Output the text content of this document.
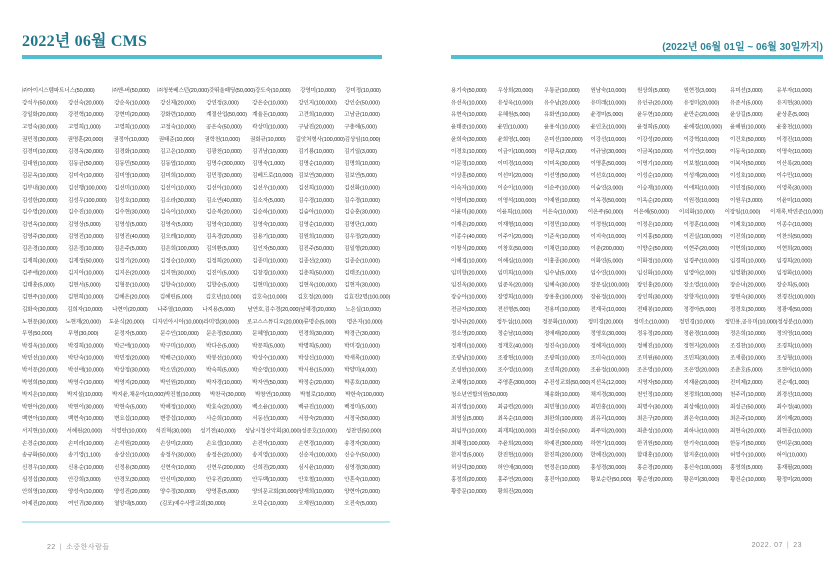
2022년 06월 CMS	(2022년 06월 01일 ~ 06월 30일까지)
㈜아이시스템파트너스(50,000)	㈜앤-버(50,000) ㈜청북베스턴(20,000) 갓뛰울패딩(50,000) 강도숙(10,000)	강영미(10,000)	강미정(10,000)
강석우(50,000)	강선숙(20,000)	강순옥(10,000)	강신제(20,000)	강연정(3,000)	강은순(10,000)	강인지(100,000) 강인순(50,000)
강일화(20,000)	강전혁(10,000)	강현미(20,000)	강화련(10,000)	계절산업(50,000) 계율돈(10,000)	고견희(10,000)	고남균(10,000)
고영숙(30,000)	고영희(1,000)	고영희(10,000)	고정숙(10,000)	공은숙(50,000)	곽상미(10,000)	구남진(20,000)	구충해(5,000)
권민정(30,000)	권명훈(20,000)	권정아(10,000)	권태준(10,000)	권학천(10,000)	권회규(10,000)	길앗처형사(100,000) 김상임(10,000)
김경미(10,000)	김경옥(30,000)	김경화(10,000)	김고은(10,000)	김광천(10,000)	김귀남(10,000)	김기룡(10,000)	김기일(3,000)
김대원(10,000)	김동균(50,000)	김동민(50,000)	김동엽(10,000)	김명수(300,000) 김명숙(1,000)	김명순(10,000)	김명희(10,000)
김문옥(10,000)	김미숙(10,000)	김미영(10,000)	김미희(10,000)	김민정(30,000)	김베드로(10,000) 김보연(30,000)	김보연(5,000)
김부내(30,000)	김선행(100,000) 김선미(10,000)	김선이(10,000)	김선아(10,000)	김선우(10,000)	김선희(10,000)	김선화(10,000)
김성한(20,000)	김성우(100,000) 김성호(10,000)	김소라(30,000)	김소연(40,000)	김소자(5,000)	김수경(10,000)	김수경(10,000)
김수영(20,000)	김수진(10,000)	김수현(30,000)	김숙이(10,000)	김순복(20,000)	김순하(10,000)	김슬아(10,000)	김승훈(30,000)
김연옥(10,000)	김영상(5,000)	김영성(5,000)	김영숙(5,000)	김영숙(10,000)	김영숙(10,000)	김영순(10,000)	김영단(1,000)
김영주(30,000)	김영진(10,000)	김영진(40,000)	김오례(10,000)	김옥경(20,000)	김용기(10,000)	김원희(10,000)	김우정(20,000)
김은경(10,000)	김은정(10,000)	김은주(5,000)	김은희(100,000) 김의환(5,000)	김인자(50,000)	김진주(50,000)	김일형(20,000)
김재희(30,000)	김재정(50,000)	김정기(20,000)	김정순(10,000)	김정희(20,000)	김종미(10,000)	김종선(2,000)	김종순(10,000)
김주애(20,000)	김지아(10,000)	김지은(20,000)	김지현(30,000)	김진이(5,000)	김창경(10,000)	김춘희(50,000)	김태조(10,000)
김태훈(5,000)	김현서(5,000)	김형문(10,000)	김향숙(10,000)	김향순(5,000)	김현미(10,000)	김현옥(100,000) 김현자(30,000)
김현주(10,000)	김현희(10,000)	김혜은(20,000)	김혜린(5,000)	김호년(10,000)	김호숙(10,000)	김호정(20,000)	김효진2명(100,000)
김화숙(30,000)	김희자(10,000)	나현이(20,000)	나주열(10,000)	나지용(5,000)	남연호,김수경(20,000) 남혜경(20,000)	노은실(10,000)
노현문(30,000) 노현재(20,000) 도운식(20,000) 디자인아시아(10,000) 라미영(30,000) 로고스스튜디오(20,000) 류명순(5,000)	명은자(10,000)
무명(50,000)	무명(30,000)	문정자(5,000)	문수인(100,000) 문은정(50,000)	문혜영(10,000)	민경희(30,000)	박경근(30,000)
박경옥(10,000)	박경희(10,000)	박근애(10,000)	박구미(10,000)	박다은(5,000)	박문희(5,000)	박명희(5,000)	박미경(10,000)
박민선(10,000)	박단숙(10,000)	박민정(20,000)	박배근(10,000)	박봉선(10,000)	박상수(10,000)	박상신(10,000)	박새록(10,000)
박서문(20,000)	박선애(10,000)	박상정(30,000)	박소연(20,000)	박숙희(5,000)	박순영(10,000)	박시용(15,000)	박양미(4,000)
박영희(50,000)	박영수(10,000)	박영지(20,000)	박인원(20,000)	박자경(10,000)	박자연(50,000)	박정순(20,000)	박종호(10,000)
박지은(10,000)	박지설(10,000)	박지윤,채운아(10,000) 박진철(10,000)	박찬국(30,000)	박창연(10,000)	박철로(10,000)	박한숙(100,000)
박현아(20,000)	박현이(30,000)	박현숙(5,000)	박혜정(10,000)	박효숙(20,000)	백소윤(10,000)	백규진(10,000)	백정미(5,000)
백현아(10,000)	백현숙(10,000)	변요섭(10,000)	변중섭(10,000)	사순희(10,000)	서동선(10,000)	서장숙(20,000)	서정국(50,000)
서지현(10,000) 서혜원(20,000) 석영란(10,000) 석진혁(30,000) 성기전(40,000) 성남시청산악회(30,000) 성준호(10,000) 성찬연(50,000)
손경순(30,000)	손미라(10,000)	손석원(20,000)	손상미(2,000)	손요셉(10,000)	손진아(10,000)	손현경(10,000)	송경자(30,000)
송규화(50,000)	송기영(1,100)	송상신(10,000)	송정우(30,000)	송정은(20,000)	송지영(10,000)	신순자(100,000) 신승우(50,000)
신경우(10,000)	신용순(10,000)	신정용(30,000)	신현숙(10,000)	신현우(200,000) 신희진(20,000)	심시윤(10,000)	심영경(30,000)
심정섭(30,000)	안강희(3,000)	안경모(30,000)	안신미(30,000)	안유진(20,000)	안두백(10,000)	안호철(10,000)	안혼숙(10,000)
안희영(10,000)	양성숙(10,000)	양성진(20,000)	양수정(30,000)	양영훈(5,000)	양의문교회(30,000) 양재희(10,000)	양현아(20,000)
어예진(20,000)	여인귀(30,000)	열앙대(5,000)	(김포)예수사랑교회(30,000)	오덕순(10,000)	오재원(10,000)	오진숙(5,000)
용기숙(50,000)	우상희(20,000)	우통균(10,000)	원남숙(10,000)	원상희(5,000)	원현정(3,000)	유미선(3,000)	유부자(10,000)
유선옥(10,000)	유성욱(10,000)	유수남(20,000)	유미래(10,000)	유인규(20,000)	유정미(20,000)	유준서(5,000)	유지현(30,000)
유현숙(10,000)	유혜원(5,000)	유화연(10,000)	윤경미(5,000)	윤두현(10,000)	윤만순(20,000)	윤상길(5,000)	윤상훈(5,000)
윤태준(10,000)	윤민(10,000)	윤용석(10,000)	윤인초(10,000)	윤정희(5,000)	윤혜경(100,000) 윤혜원(10,000)	윤홍천(10,000)
윤희숙(30,000)	윤희영(1,000)	은미선(100,000) 이강선(10,000)	이강성(20,000)	이강혁(10,000)	이건호(50,000)	이경진(10,000)
이경호(10,000)	이금이(100,000) 이광옥(2,000)	이규남(30,000)	이금복(10,000)	이기연(2,000)	이동욱(10,000)	이명숙(10,000)
이문정(10,000)	이미경(10,000)	이미옥(30,000)	이명훈(50,000)	이명기(10,000)	이보철(10,000)	이복자(50,000)	이산록(20,000)
이상훈(50,000)	이선미(20,000)	이선영(50,000)	이선호(10,000)	이성순(10,000)	이성재(20,000)	이성호(10,000)	이수민(10,000)
이숙자(10,000)	이순이(10,000)	이순주(10,000)	이슬연(3,000)	이승재(10,000)	이애희(10,000)	이연정(50,000)	이영록(30,000)
이영미(30,000)	이영석(100,000) 이예원(10,000)	이옥경(50,000)	이옥순(20,000)	이원경(10,000)	이원우(3,000)	이윤미(10,000)
이윤미(30,000)	이윤희(10,000)	이은숙(10,000)	이은주(50,000)	이은혜(50,000)	이의화(10,000)	이장일(10,000)	이재록,박연준(10,000)
이재은(20,000)	이재형(10,000)	이정민(10,000)	이정원(10,000)	이정은(10,000)	이정훈(10,000)	이제호(10,000)	이종수(10,000)
이종수(40,000)	이주이(20,000)	이준욱(10,000)	이지숙(10,000)	이지홍(50,000)	이진실(100,000) 이진희(10,000)	이찬의(50,000)
이창식(20,000)	이창호(50,000)	이채린(10,000)	이춘(200,000)	이향순(50,000)	이현주(20,000)	이현희(10,000)	이현희(20,000)
이혜경(10,000)	이혜심(10,000)	이홍종(30,000)	이화연(5,000)	이화정(10,000)	임경주(10,000)	임경희(10,000)	임경희(20,000)
임미향(20,000)	임미희(10,000)	임수남(5,000)	임수연(10,000)	임신화(10,000)	임영아(2,000)	임영환(30,000)	임정화(10,000)
임진옥(30,000)	임준옥(20,000)	임혜숙(30,000)	장문심(100,000) 장인홍(20,000)	장소영(10,000)	장순녀(20,000)	장순희(5,000)
장승아(10,000)	장영희(10,000)	장용훈(100,000) 장윤정(10,000)	장인희(30,000)	장향자(10,000)	장현숙(30,000)	전경진(100,000)
전금자(30,000)	전선형(5,000)	전용미(10,000)	전재국(10,000)	전태봉(10,000)	정경아(5,000)	정경호(30,000)	정광예(50,000)
정낙규(20,000)	정두섭(10,000)	정문화(10,000)	정미경(20,000)	정미소(10,000)	정민경(10,000)	정민용,공유미(10,000) 정성분(10,000)
정소영(20,000)	정순남(10,000)	정애래(20,000)	정영호(30,000)	정유정(20,000)	정윤경(10,000)	정은희(10,000)	정의영(10,000)
정재미(10,000)	정재호(40,000)	정진숙(10,000)	정혜자(10,000)	정혜진(10,000)	정현지(20,000)	조경찬(10,000)	조경희(10,000)
조광남(10,000)	조광현(10,000)	조광희(10,000)	조미숙(10,000)	조미원(60,000)	조민희(30,000)	조새롬(10,000)	조성형(10,000)
조성완(10,000)	조수영(10,000)	조연희(20,000)	조윤정(100,000) 조은영(10,000)	조은영(20,000)	조춘호(5,000)	조현아(10,000)
조혜형(10,000)	주영훈(300,000) 주진성교회(50,000) 지선옥(12,000)	지영자(50,000)	지재윤(20,000)	진미제(2,000)	진순예(1,000)
청소년연합의원(50,000)	채송화(10,000)	채지경(30,000)	천인정(10,000)	천정희(100,000) 천주리(10,000)	최경선(10,000)
최귀영(10,000)	최금련(20,000)	최민형(10,000)	최민홍(10,000)	최명수(30,000)	최상해(10,000)	최성근(50,000)	최수정(40,000)
최영실(5,000)	최옥순(10,000)	최완희(100,000) 최유리(10,000)	최은구(20,000)	최은숙(10,000)	최은주(10,000)	최이제(20,000)
최임부(10,000)	최재희(100,000) 최정순(50,000)	최주덕(20,000)	최춘성(10,000)	최하나(10,000)	최현숙(20,000)	최현종(10,000)
최혜정(100,000) 추윤희(20,000)	하예진(300,000) 하현기(10,000)	한귀원(50,000)	한기숙(10,000)	한동기(50,000)	한미문(30,000)
한지영(5,000)	한진현(10,000)	한진희(200,000) 한혜진(20,000)	함대훈(10,000)	함지훈(10,000)	허영수(10,000)	허이(10,000)
허상덕(30,000)	허인애(30,000)	현정은(10,000)	홍성경(30,000)	홍순경(20,000)	홍신숙(100,000) 홍영희(5,000)	홍재필(20,000)
홍정희(20,000)	홍주연(20,000)	홍진아(10,000)	황보순란(50,000) 황순영(20,000)	황은미(30,000)	황진순(10,000)	황정미(20,000)
황중문(10,000)	황희진(20,000)
22 | 소중한사람들	2022. 07 | 23
